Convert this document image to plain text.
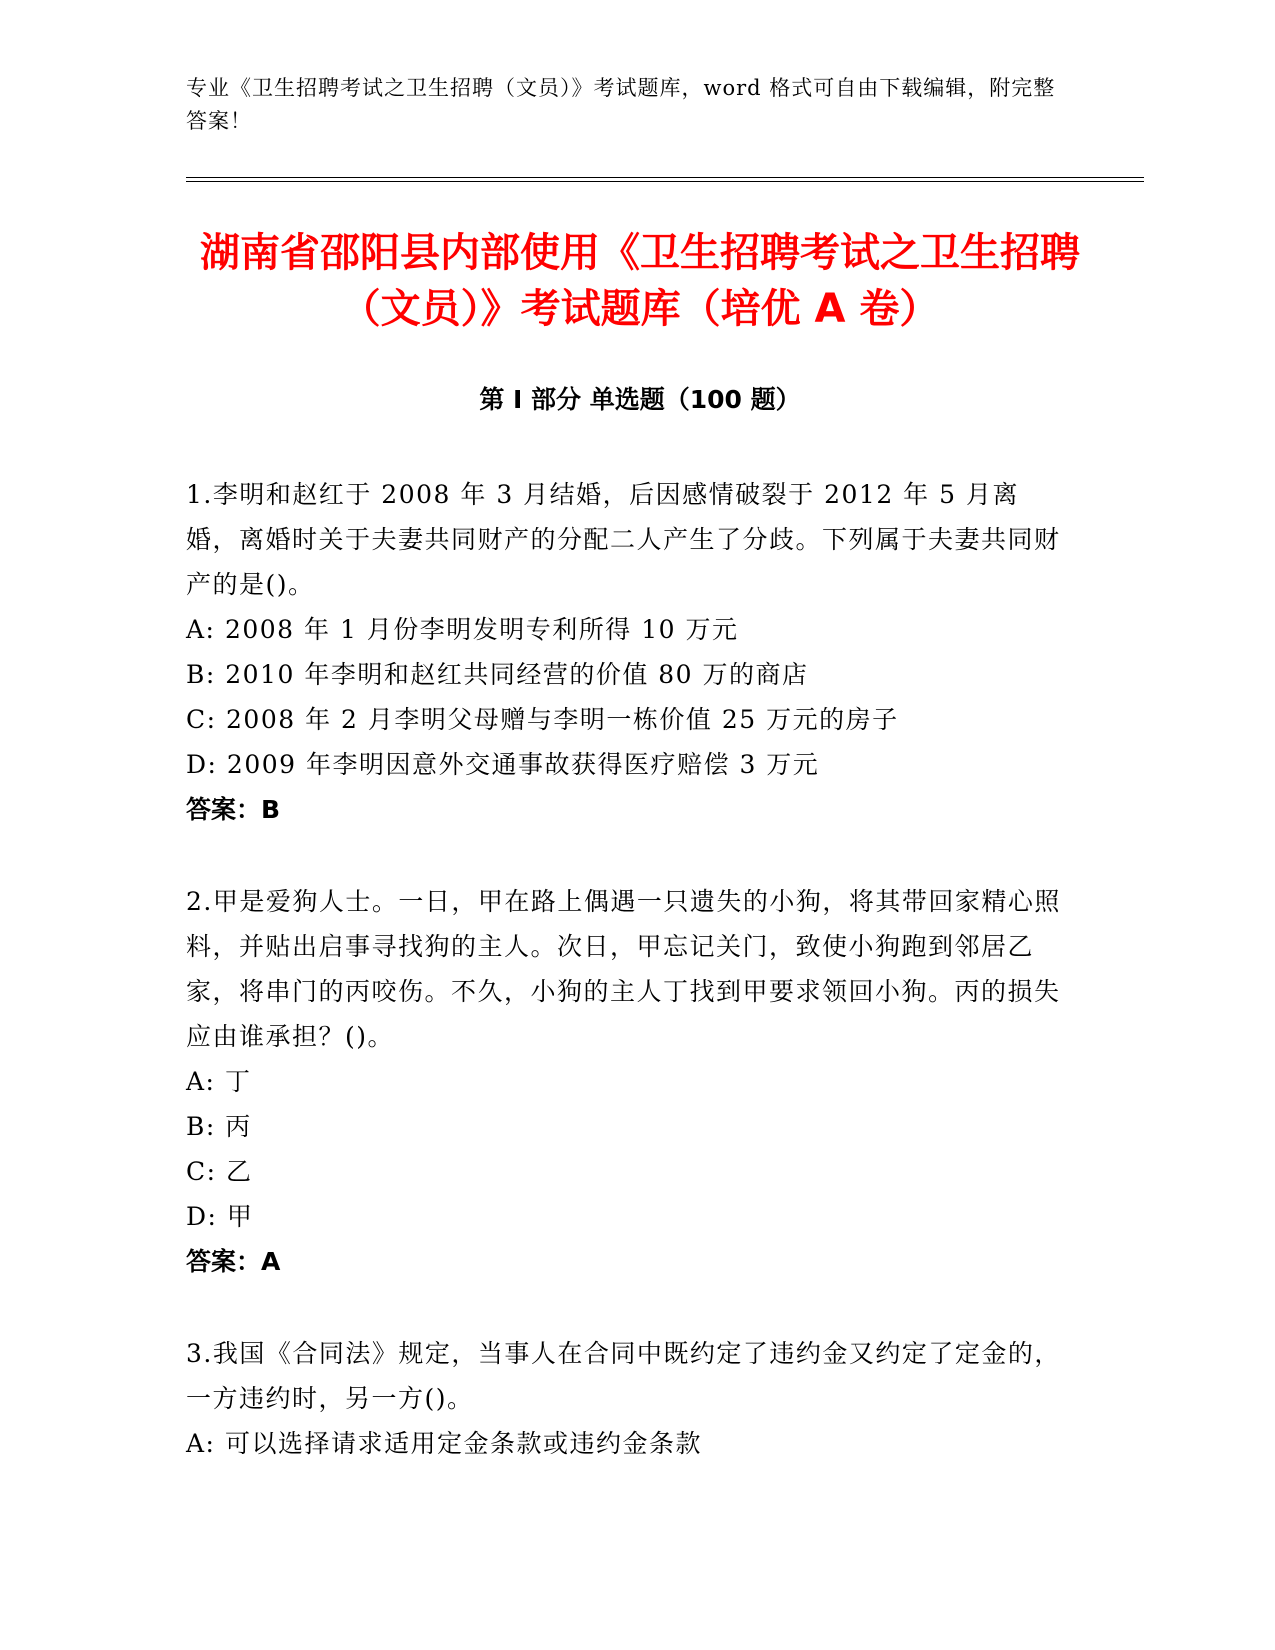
专业《卫生招聘考试之卫生招聘（文员）》考试题库，word 格式可自由下载编辑，附完整答案！
湖南省邵阳县内部使用《卫生招聘考试之卫生招聘（文员）》考试题库（培优 A 卷）
第 I 部分 单选题（100 题）
1.李明和赵红于 2008 年 3 月结婚，后因感情破裂于 2012 年 5 月离婚，离婚时关于夫妻共同财产的分配二人产生了分歧。下列属于夫妻共同财产的是()。
A: 2008 年 1 月份李明发明专利所得 10 万元
B: 2010 年李明和赵红共同经营的价值 80 万的商店
C: 2008 年 2 月李明父母赠与李明一栋价值 25 万元的房子
D: 2009 年李明因意外交通事故获得医疗赔偿 3 万元
答案：B
2.甲是爱狗人士。一日，甲在路上偶遇一只遗失的小狗，将其带回家精心照料，并贴出启事寻找狗的主人。次日，甲忘记关门，致使小狗跑到邻居乙家，将串门的丙咬伤。不久，小狗的主人丁找到甲要求领回小狗。丙的损失应由谁承担？()。
A: 丁
B: 丙
C: 乙
D: 甲
答案：A
3.我国《合同法》规定，当事人在合同中既约定了违约金又约定了定金的，一方违约时，另一方()。
A: 可以选择请求适用定金条款或违约金条款
